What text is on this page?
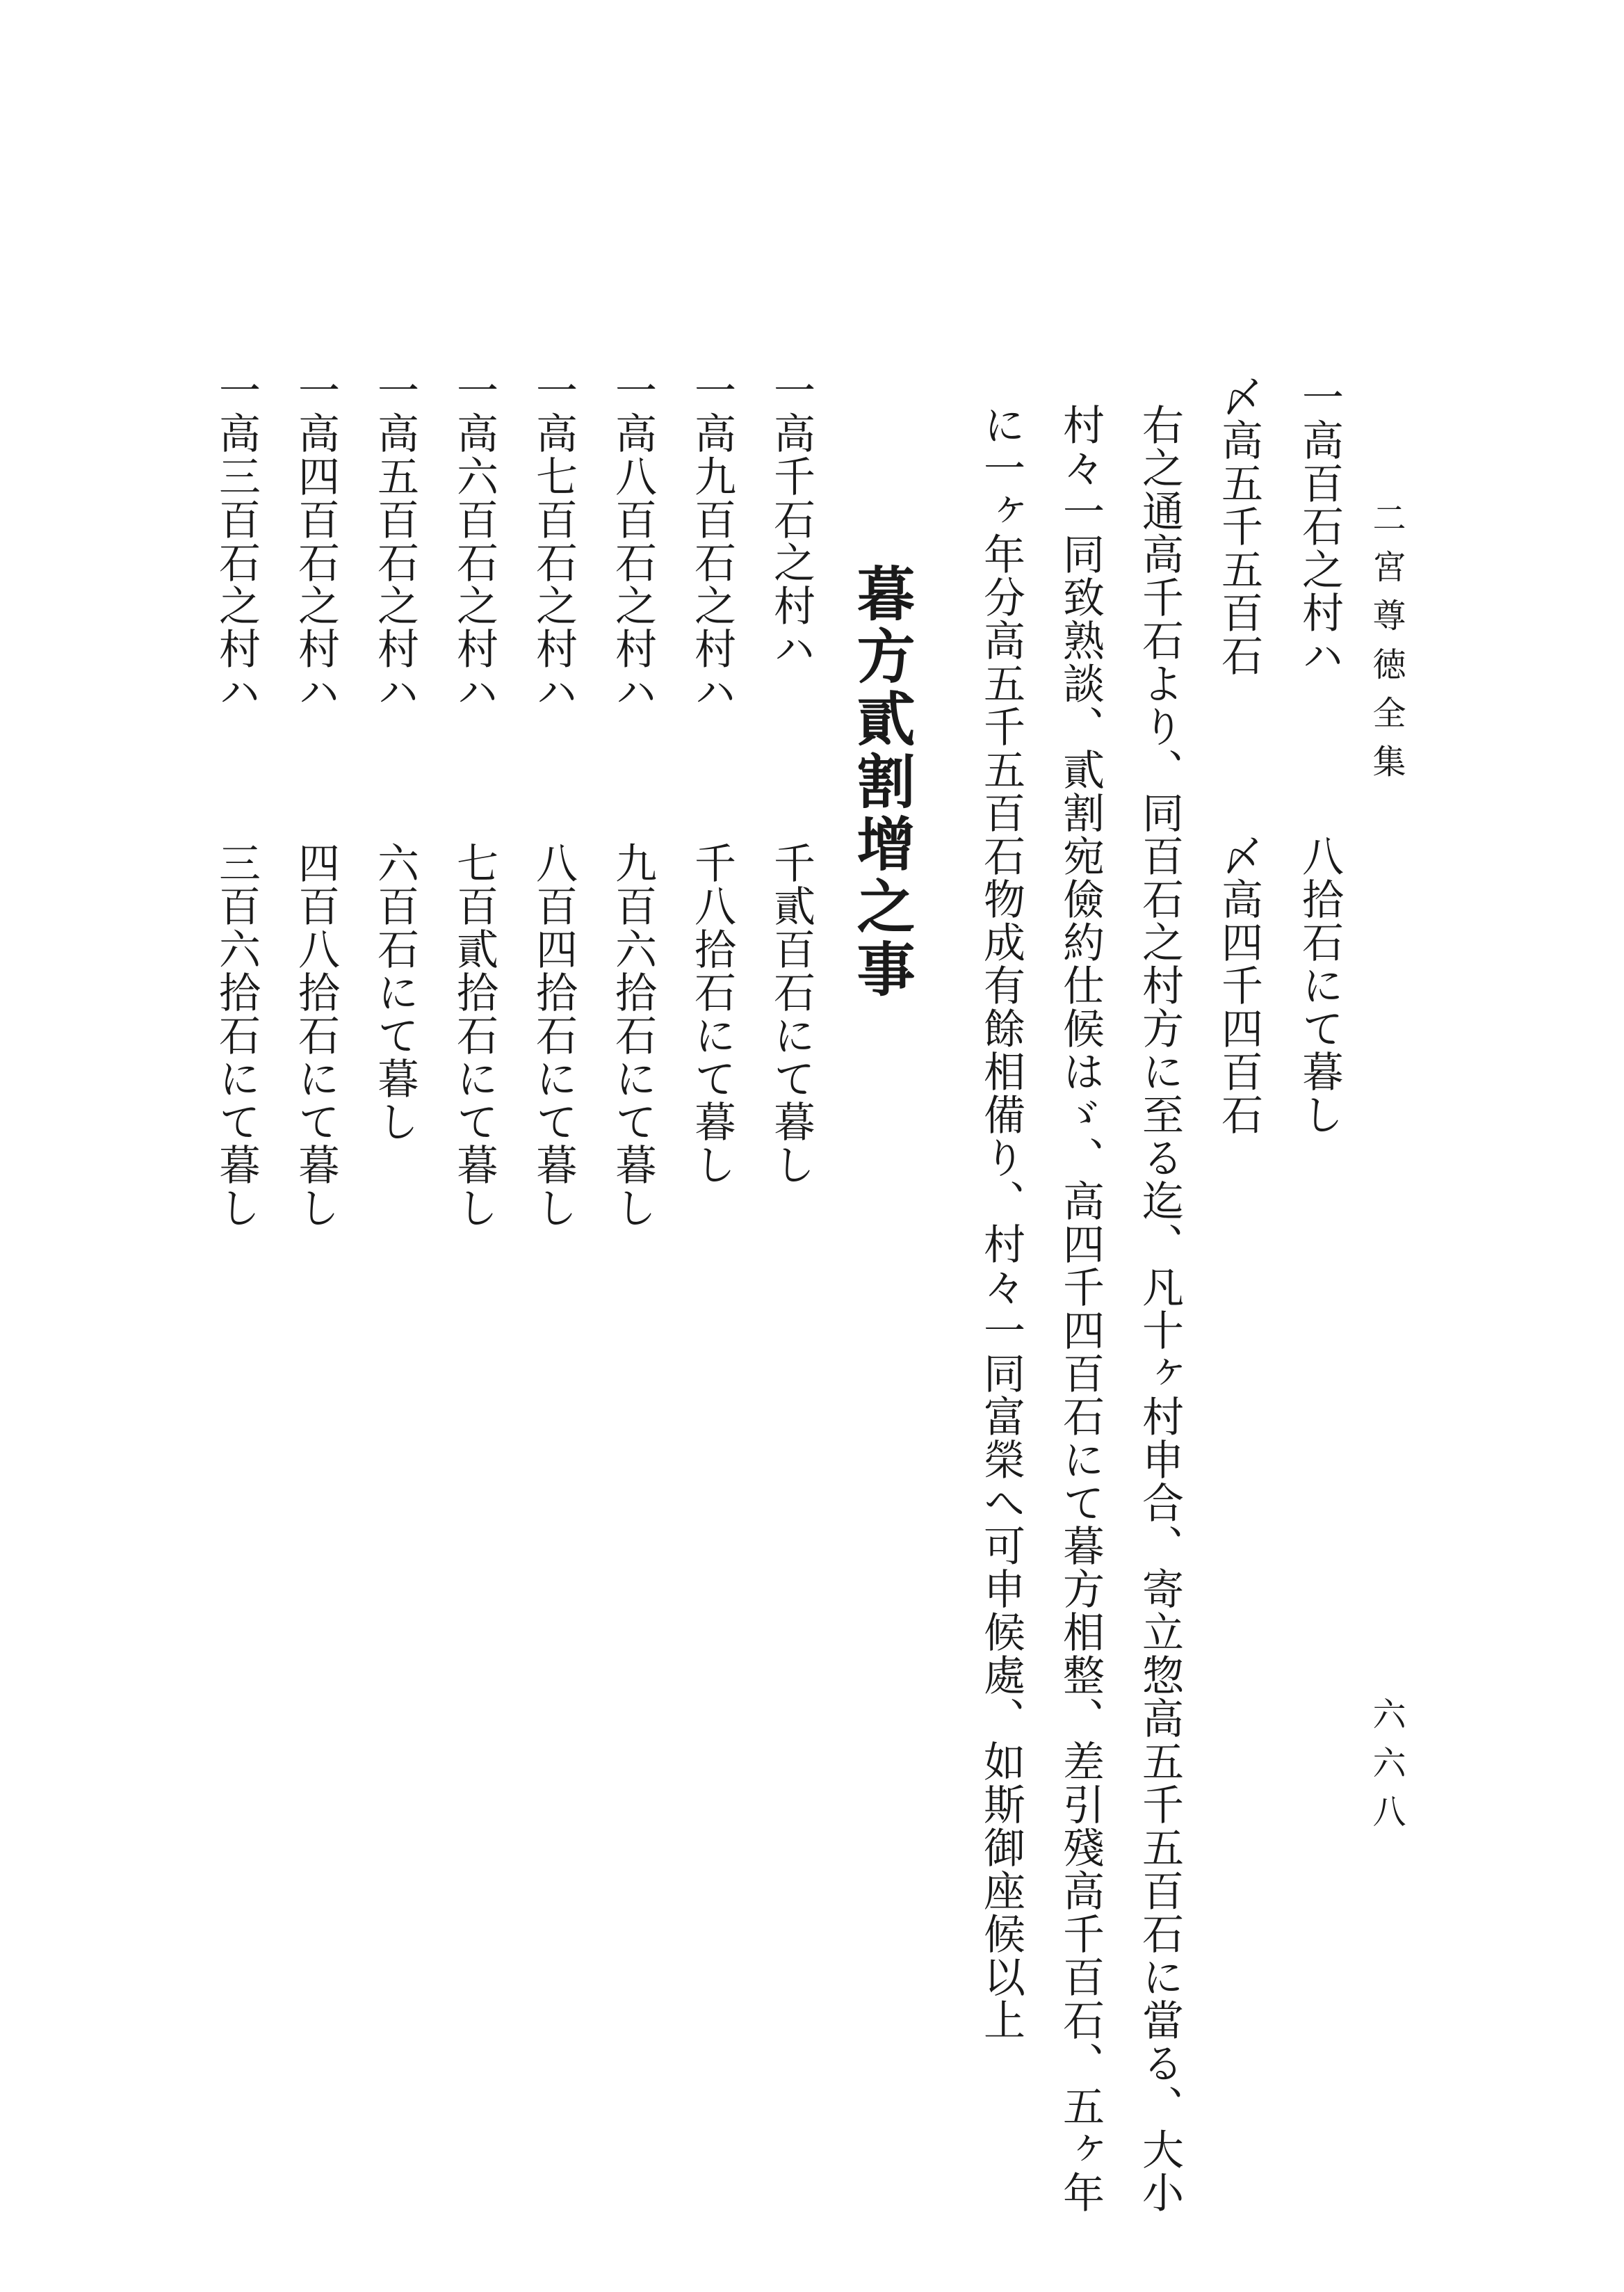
二宮尊徳全集
六六八
一高百石之村ハ
八拾石にて暮し
〆高五千五百石
〆高四千四百石
右之通高千石より、同百石之村方に至る迄、凡十ヶ村申合、寄立惣高五千五百石に當る、大小
村々一同致熟談、貳割宛儉約仕候はゞ、高四千四百石にて暮方相整、差引殘高千百石、五ヶ年
に一ヶ年分高五千五百石物成有餘相備り、村々一同富榮へ可申候處、如斯御座候以上
暮方貳割增之事
一高千石之村ハ
千貳百石にて暮し
一高九百石之村ハ
千八拾石にて暮し
一高八百石之村ハ
九百六拾石にて暮し
一高七百石之村ハ
八百四拾石にて暮し
一高六百石之村ハ
七百貳拾石にて暮し
一高五百石之村ハ
六百石にて暮し
一高四百石之村ハ
四百八拾石にて暮し
一高三百石之村ハ
三百六拾石にて暮し
